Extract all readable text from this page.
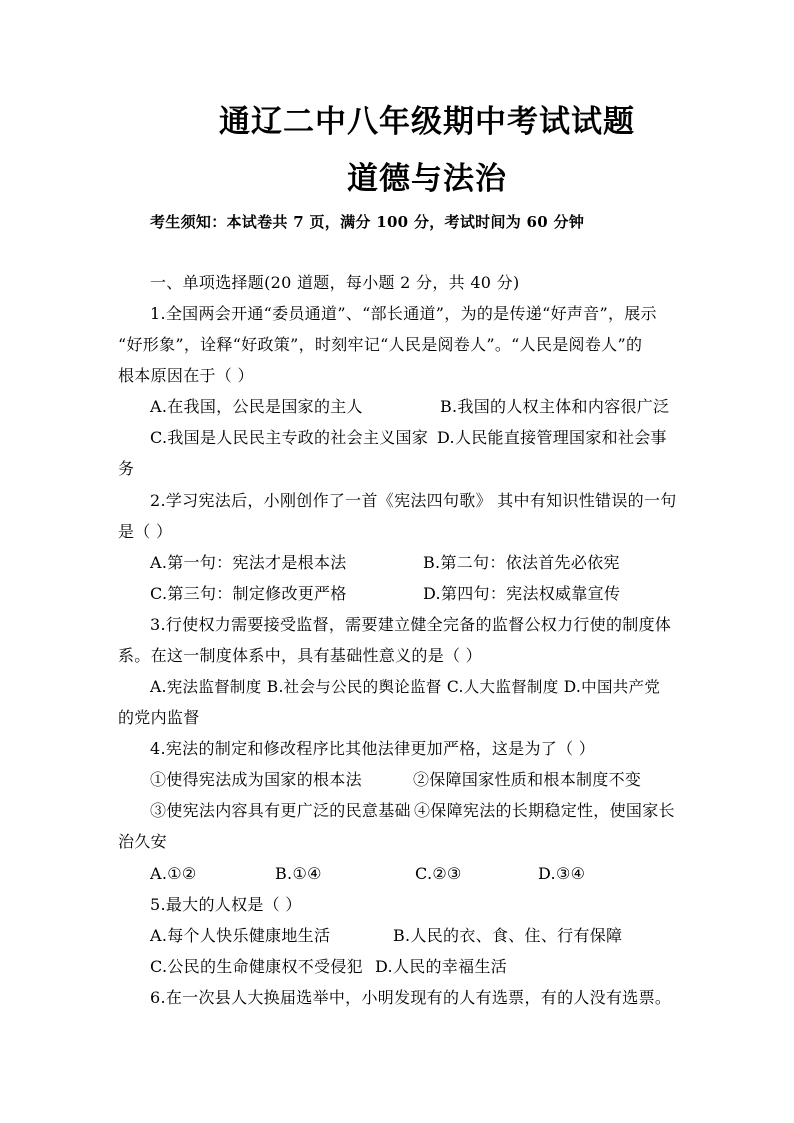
通辽二中八年级期中考试试题
道德与法治
考生须知：本试卷共 7 页，满分 100 分，考试时间为 60 分钟
一、单项选择题(20 道题，每小题 2 分，共 40 分)
1.全国两会开通“委员通道”、“部长通道”，为的是传递“好声音”，展示
“好形象”，诠释“好政策”，时刻牢记“人民是阅卷人”。“人民是阅卷人”的
根本原因在于（ ）
A.在我国，公民是国家的主人	B.我国的人权主体和内容很广泛
C.我国是人民民主专政的社会主义国家 D.人民能直接管理国家和社会事
务
2.学习宪法后，小刚创作了一首《宪法四句歌》 其中有知识性错误的一句
是（ ）
A.第一句：宪法才是根本法	B.第二句：依法首先必依宪
C.第三句：制定修改更严格	D.第四句：宪法权威靠宣传
3.行使权力需要接受监督，需要建立健全完备的监督公权力行使的制度体
系。在这一制度体系中，具有基础性意义的是（ ）
A.宪法监督制度 B.社会与公民的舆论监督 C.人大监督制度 D.中国共产党
的党内监督
4.宪法的制定和修改程序比其他法律更加严格，这是为了（ ）
①使得宪法成为国家的根本法	②保障国家性质和根本制度不变
③使宪法内容具有更广泛的民意基础 ④保障宪法的长期稳定性，使国家长
治久安
A.①②	B.①④	C.②③	D.③④
5.最大的人权是（ ）
A.每个人快乐健康地生活	B.人民的衣、食、住、行有保障
C.公民的生命健康权不受侵犯 D.人民的幸福生活
6.在一次县人大换届选举中，小明发现有的人有选票，有的人没有选票。
